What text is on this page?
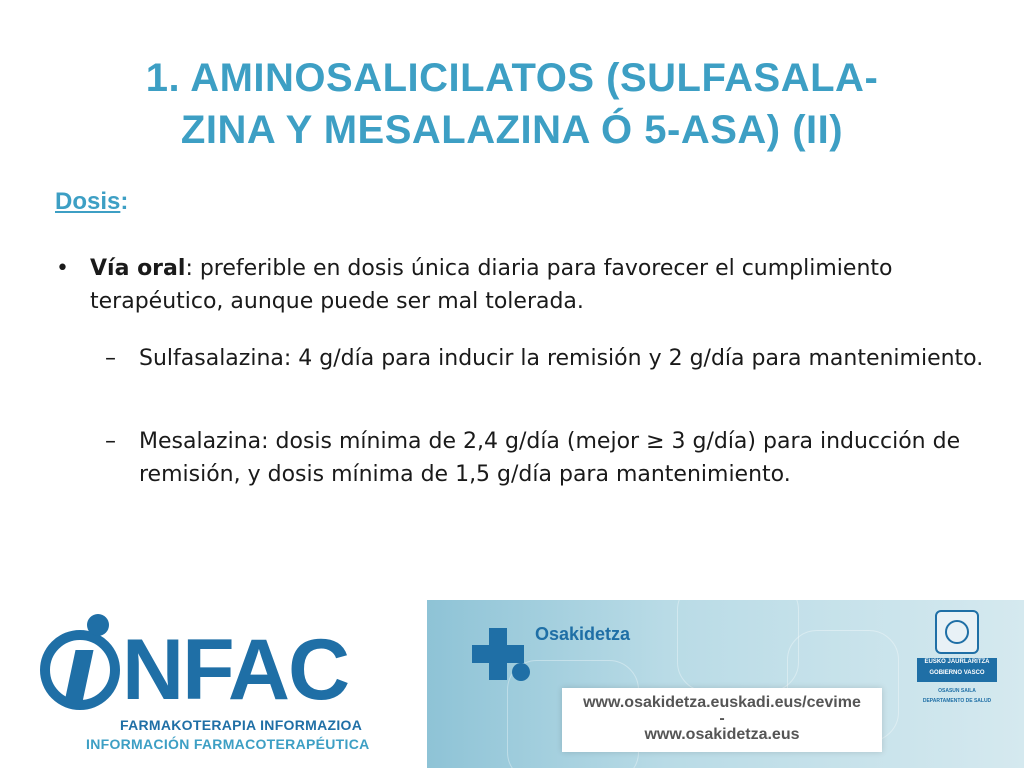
1. AMINOSALICILATOS (SULFASALA-
ZINA Y MESALAZINA Ó 5-ASA) (II)
Dosis:
• Vía oral: preferible en dosis única diaria para favorecer el cumplimiento terapéutico, aunque puede ser mal tolerada.
– Sulfasalazina: 4 g/día para inducir la remisión y 2 g/día para mantenimiento.
– Mesalazina: dosis mínima de 2,4 g/día (mejor ≥ 3 g/día) para inducción de remisión, y dosis mínima de 1,5 g/día para mantenimiento.
NFAC
FARMAKOTERAPIA INFORMAZIOA
INFORMACIÓN FARMACOTERAPÉUTICA
Osakidetza
www.osakidetza.euskadi.eus/cevime
-
www.osakidetza.eus
EUSKO JAURLARITZA
GOBIERNO VASCO
OSASUN SAILA
DEPARTAMENTO DE SALUD
